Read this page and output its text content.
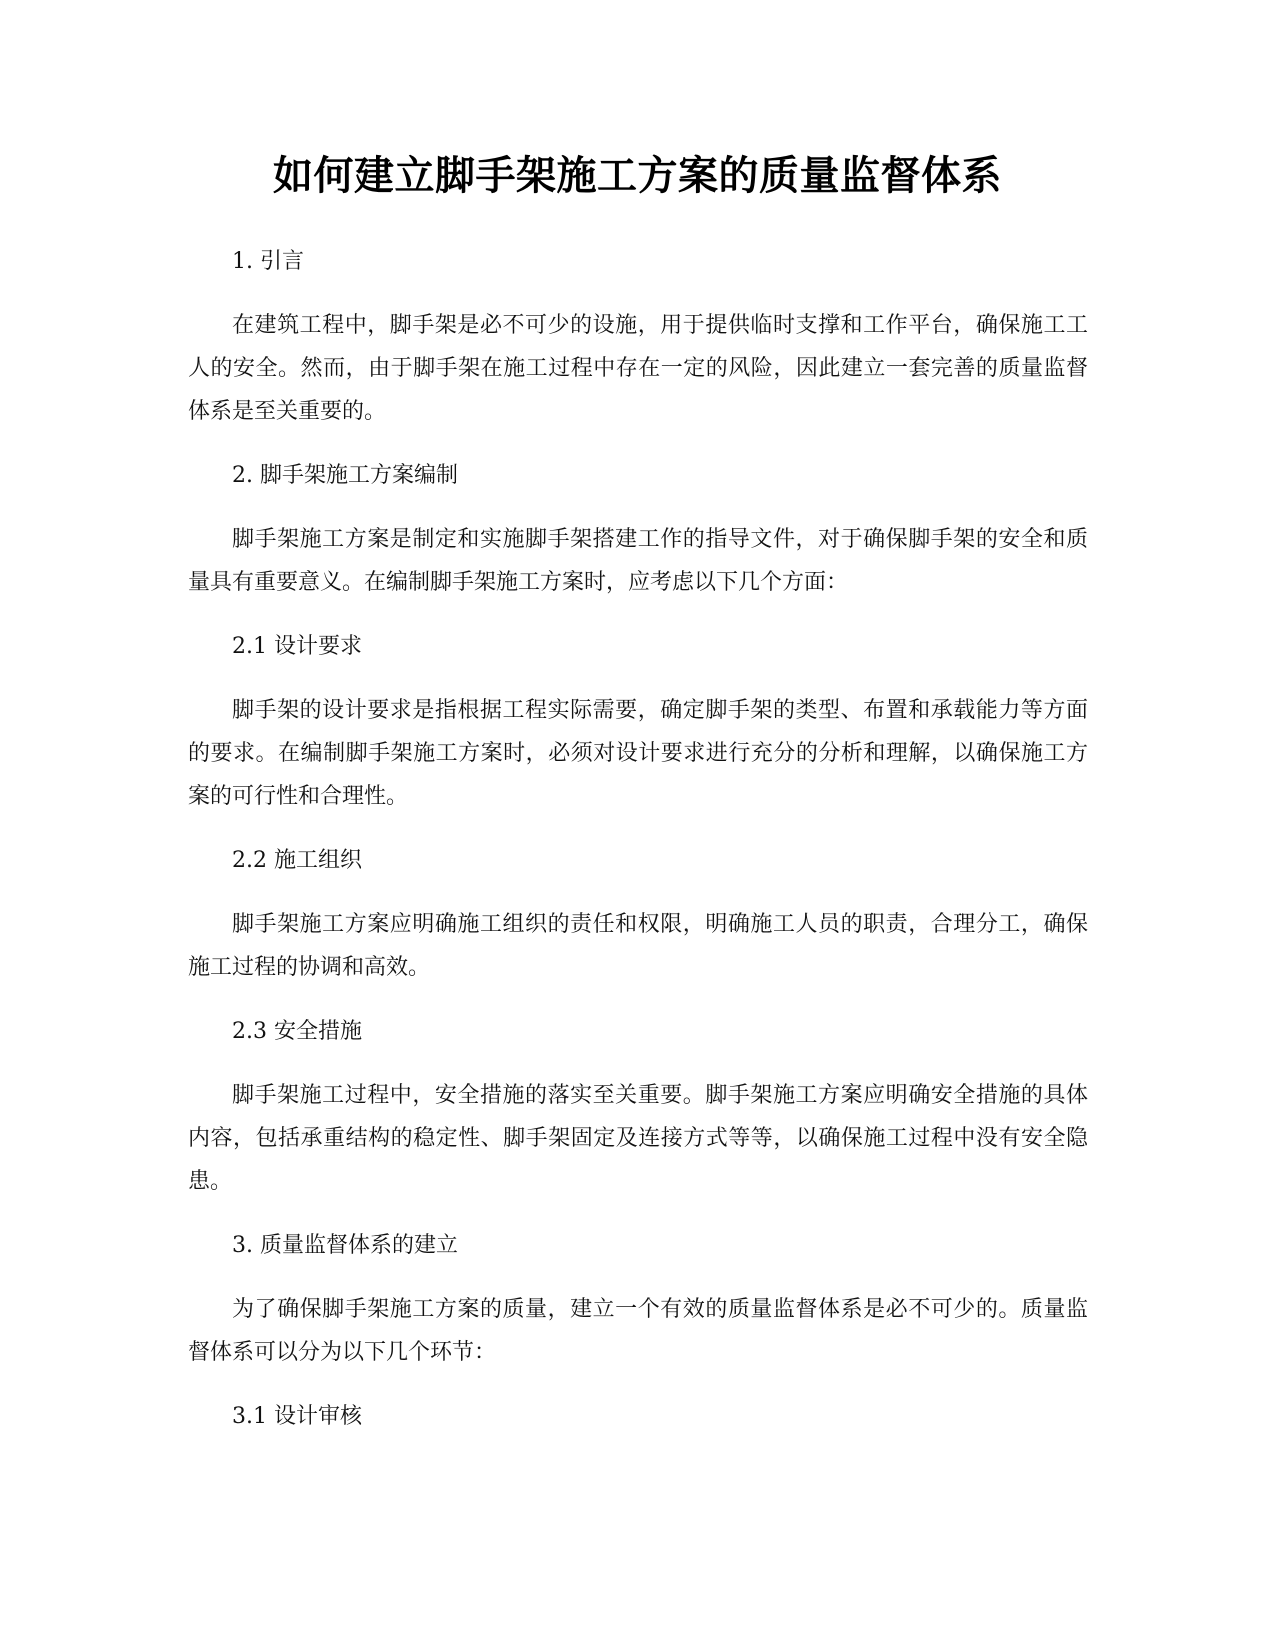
如何建立脚手架施工方案的质量监督体系

1. 引言

在建筑工程中，脚手架是必不可少的设施，用于提供临时支撑和工作平台，确保施工工人的安全。然而，由于脚手架在施工过程中存在一定的风险，因此建立一套完善的质量监督体系是至关重要的。

2. 脚手架施工方案编制

脚手架施工方案是制定和实施脚手架搭建工作的指导文件，对于确保脚手架的安全和质量具有重要意义。在编制脚手架施工方案时，应考虑以下几个方面：

2.1 设计要求

脚手架的设计要求是指根据工程实际需要，确定脚手架的类型、布置和承载能力等方面的要求。在编制脚手架施工方案时，必须对设计要求进行充分的分析和理解，以确保施工方案的可行性和合理性。

2.2 施工组织

脚手架施工方案应明确施工组织的责任和权限，明确施工人员的职责，合理分工，确保施工过程的协调和高效。

2.3 安全措施

脚手架施工过程中，安全措施的落实至关重要。脚手架施工方案应明确安全措施的具体内容，包括承重结构的稳定性、脚手架固定及连接方式等等，以确保施工过程中没有安全隐患。

3. 质量监督体系的建立

为了确保脚手架施工方案的质量，建立一个有效的质量监督体系是必不可少的。质量监督体系可以分为以下几个环节：

3.1 设计审核
